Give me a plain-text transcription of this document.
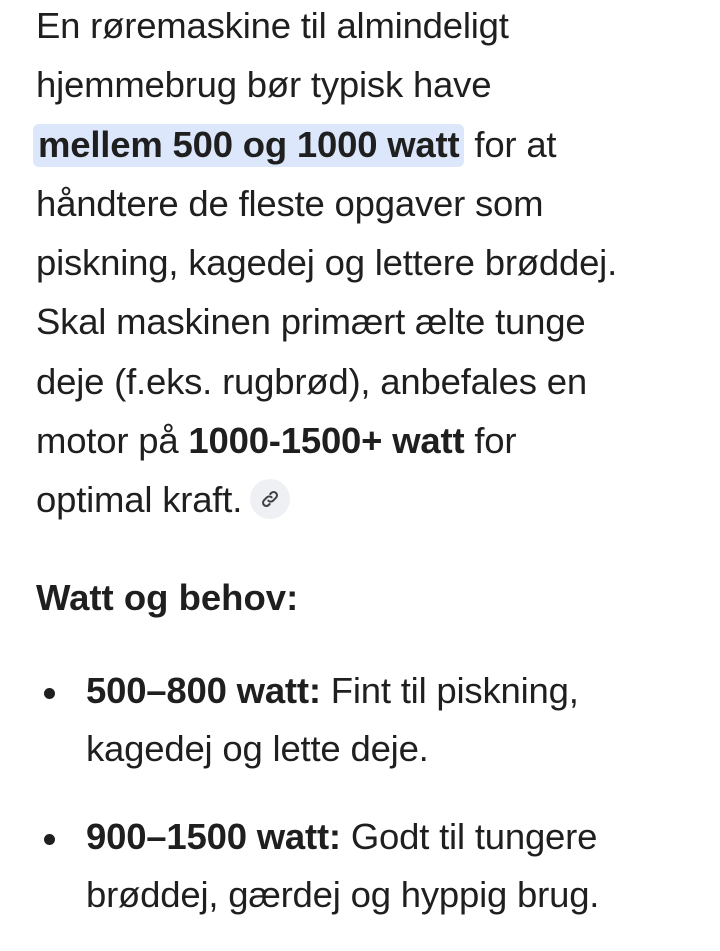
En røremaskine til almindeligt
hjemmebrug bør typisk have
mellem 500 og 1000 watt for at
håndtere de fleste opgaver som
piskning, kagedej og lettere brøddej.
Skal maskinen primært ælte tunge
deje (f.eks. rugbrød), anbefales en
motor på 1000-1500+ watt for
optimal kraft.
Watt og behov:
500–800 watt: Fint til piskning,
kagedej og lette deje.
900–1500 watt: Godt til tungere
brøddej, gærdej og hyppig brug.
